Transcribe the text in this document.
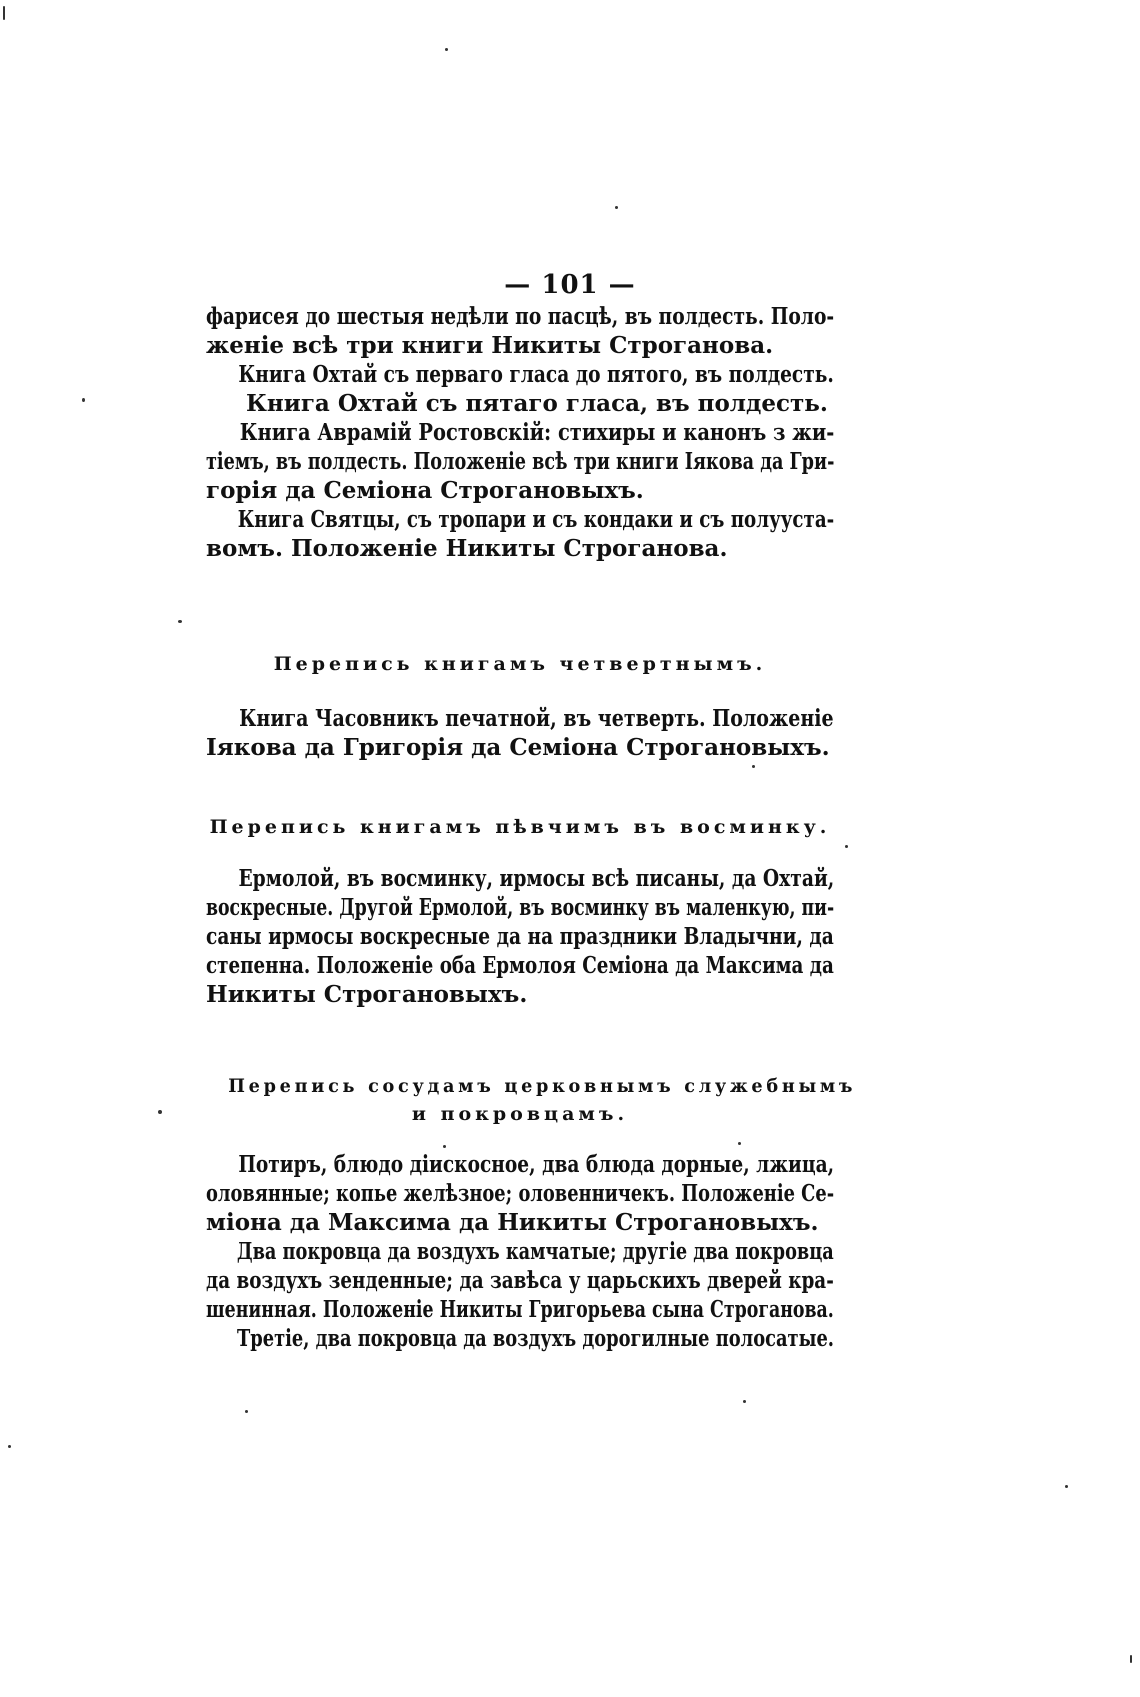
— 101 —
фарисея до шестыя недѣли по пасцѣ, въ полдесть. Поло-
женіе всѣ три книги Никиты Строганова.
Книга Охтай съ перваго гласа до пятого, въ полдесть.
Книга Охтай съ пятаго гласа, въ полдесть.
Книга Аврамій Ростовскій: стихиры и канонъ з жи-
тіемъ, въ полдесть. Положеніе всѣ три книги Іякова да Гри-
горія да Семіона Строгановыхъ.
Книга Святцы, съ тропари и съ кондаки и съ полууста-
вомъ. Положеніе Никиты Строганова.
Перепись книгамъ четвертнымъ.
Книга Часовникъ печатной, въ четверть. Положеніе
Іякова да Григорія да Семіона Строгановыхъ.
Перепись книгамъ пѣвчимъ въ восминку.
Ермолой, въ восминку, ирмосы всѣ писаны, да Охтай,
воскресные. Другой Ермолой, въ восминку въ маленкую, пи-
саны ирмосы воскресные да на праздники Владычни, да
степенна. Положеніе оба Ермолоя Семіона да Максима да
Никиты Строгановыхъ.
Перепись сосудамъ церковнымъ служебнымъ
и покровцамъ.
Потиръ, блюдо діискосное, два блюда дорные, лжица,
оловянные; копье желѣзное; оловенничекъ. Положеніе Се-
міона да Максима да Никиты Строгановыхъ.
Два покровца да воздухъ камчатые; другіе два покровца
да воздухъ зенденные; да завѣса у царьскихъ дверей кра-
шенинная. Положеніе Никиты Григорьева сына Строганова.
Третіе, два покровца да воздухъ дорогилные полосатые.
